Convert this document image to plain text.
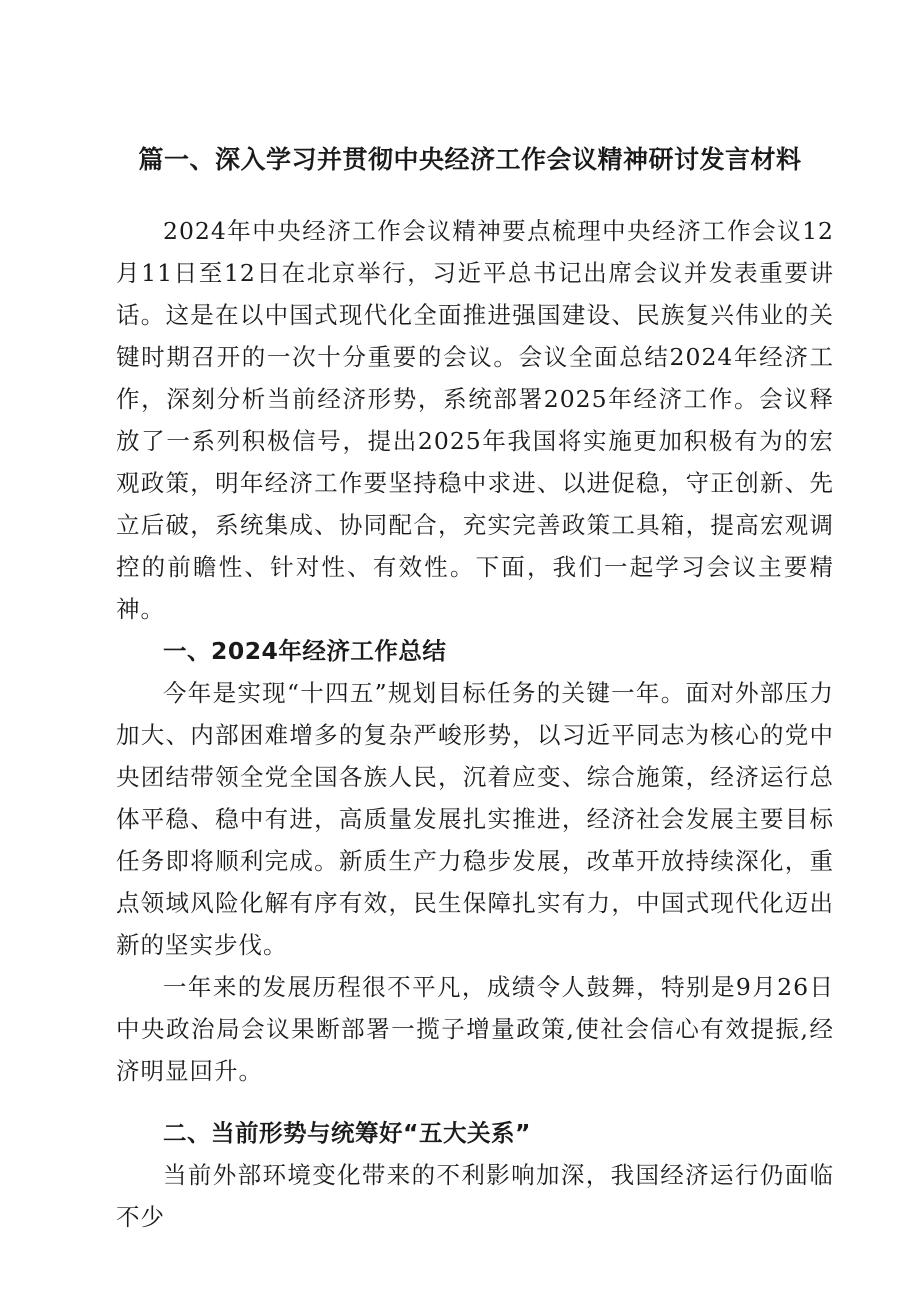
篇一、深入学习并贯彻中央经济工作会议精神研讨发言材料

2024年中央经济工作会议精神要点梳理中央经济工作会议12月11日至12日在北京举行，习近平总书记出席会议并发表重要讲话。这是在以中国式现代化全面推进强国建设、民族复兴伟业的关键时期召开的一次十分重要的会议。会议全面总结2024年经济工作，深刻分析当前经济形势，系统部署2025年经济工作。会议释放了一系列积极信号，提出2025年我国将实施更加积极有为的宏观政策，明年经济工作要坚持稳中求进、以进促稳，守正创新、先立后破，系统集成、协同配合，充实完善政策工具箱，提高宏观调控的前瞻性、针对性、有效性。下面，我们一起学习会议主要精神。

一、2024年经济工作总结

今年是实现“十四五”规划目标任务的关键一年。面对外部压力加大、内部困难增多的复杂严峻形势，以习近平同志为核心的党中央团结带领全党全国各族人民，沉着应变、综合施策，经济运行总体平稳、稳中有进，高质量发展扎实推进，经济社会发展主要目标任务即将顺利完成。新质生产力稳步发展，改革开放持续深化，重点领域风险化解有序有效，民生保障扎实有力，中国式现代化迈出新的坚实步伐。

一年来的发展历程很不平凡，成绩令人鼓舞，特别是9月26日中央政治局会议果断部署一揽子增量政策,使社会信心有效提振,经济明显回升。

二、当前形势与统筹好“五大关系”

当前外部环境变化带来的不利影响加深，我国经济运行仍面临不少
